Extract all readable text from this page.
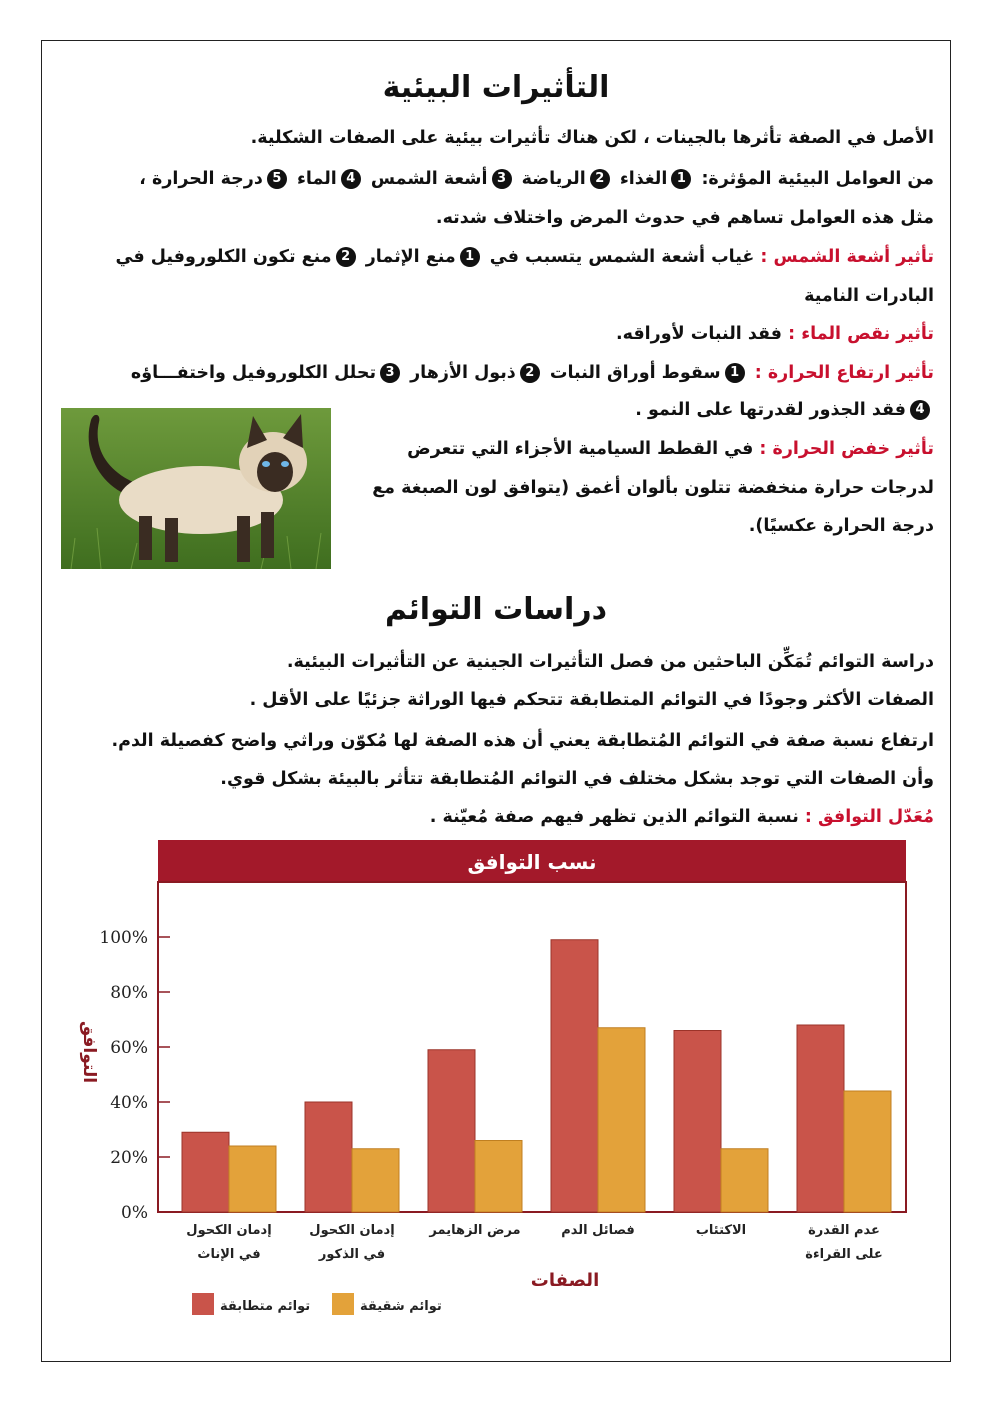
التأثيرات البيئية
الأصل في الصفة تأثرها بالجينات ، لكن هناك تأثيرات بيئية على الصفات الشكلية.
من العوامل البيئية المؤثرة: 1الغذاء 2الرياضة 3أشعة الشمس 4الماء 5درجة الحرارة ،
مثل هذه العوامل تساهم في حدوث المرض واختلاف شدته.
تأثير أشعة الشمس : غياب أشعة الشمس يتسبب في 1منع الإثمار 2منع تكون الكلوروفيل في
البادرات النامية
تأثير نقص الماء : فقد النبات لأوراقه.
تأثير ارتفاع الحرارة : 1سقوط أوراق النبات 2ذبول الأزهار 3تحلل الكلوروفيل واختفـــاؤه
4فقد الجذور لقدرتها على النمو .
تأثير خفض الحرارة : في القطط السيامية الأجزاء التي تتعرض
لدرجات حرارة منخفضة تتلون بألوان أغمق (يتوافق لون الصبغة مع
درجة الحرارة عكسيًا).
دراسات التوائم
دراسة التوائم تُمَكِّن الباحثين من فصل التأثيرات الجينية عن التأثيرات البيئية.
الصفات الأكثر وجودًا في التوائم المتطابقة تتحكم فيها الوراثة جزئيًا على الأقل .
ارتفاع نسبة صفة في التوائم المُتطابقة يعني أن هذه الصفة لها مُكوّن وراثي واضح كفصيلة الدم.
وأن الصفات التي توجد بشكل مختلف في التوائم المُتطابقة تتأثر بالبيئة بشكل قوي.
مُعَدّل التوافق : نسبة التوائم الذين تظهر فيهم صفة مُعيّنة .
نسب التوافق
التوافق
الصفات
0%
20%
40%
60%
80%
100%
إدمان الكحول
في الإناث
إدمان الكحول
في الذكور
مرض الزهايمر	فصائل الدم	الاكتئاب	عدم القدرة
على القراءة
توائم متطابقة	توائم شقيقة
